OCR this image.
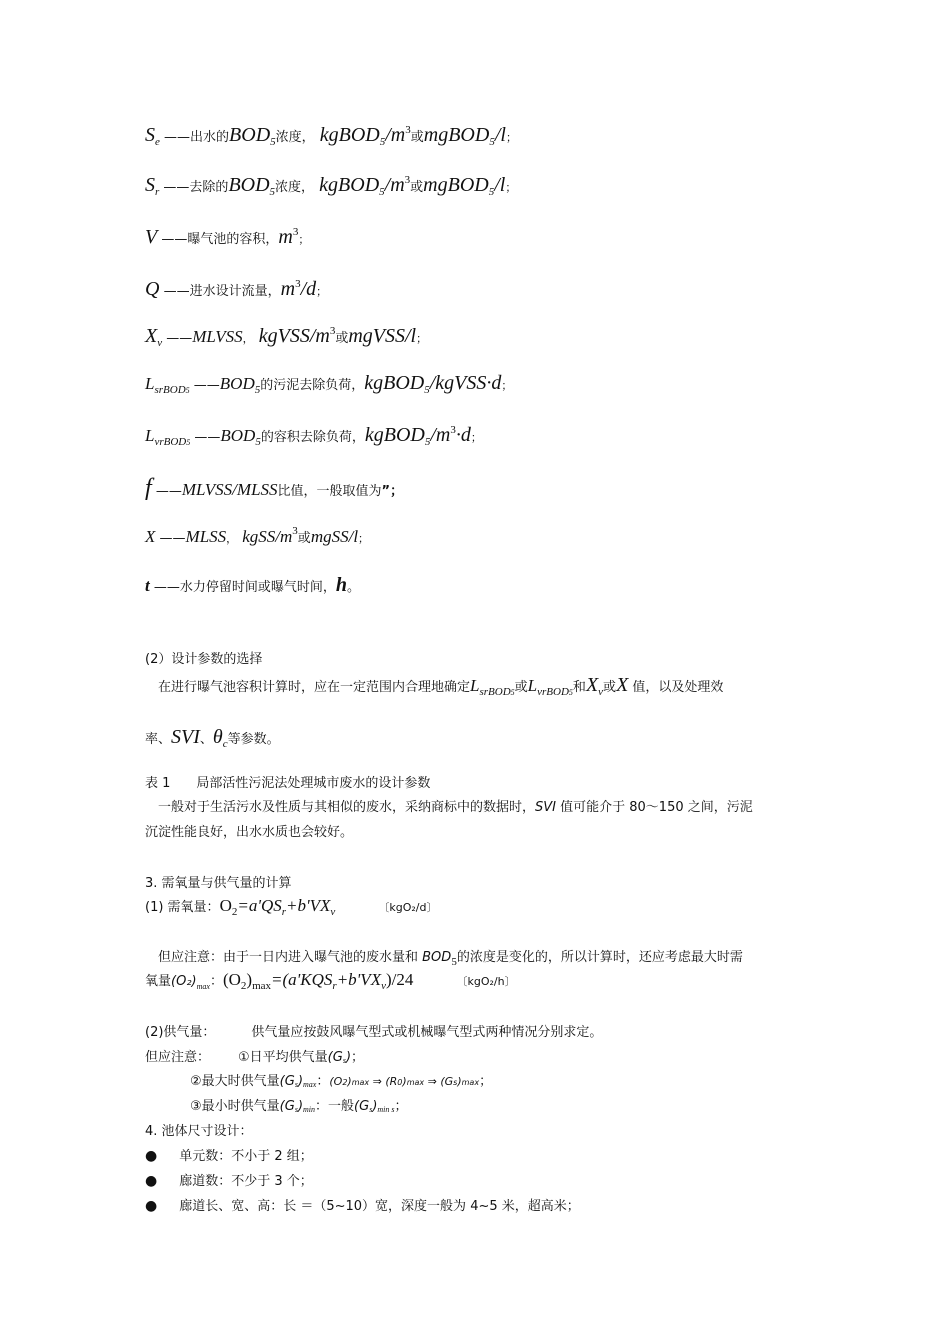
$S_e$ ——出水的$BOD_5$浓度， $kgBOD_5/m^3$或mgBOD$_5$/l；
$S_r$ ——去除的$BOD_5$浓度， $kgBOD_5/m^3$或mgBOD$_5$/l；
V ——曝气池的容积，$m^3$；
Q ——进水设计流量，$m^3/d$；
$X_v$ ——MLVSS， kgVSS/$m^3$或mgVSS/l；
$L_{srBOD5}$ $——BOD_5$的污泥去除负荷，kgBOD$_5$/kgVSS·d；
$L_{vrBOD5}$ $——BOD_5$的容积去除负荷，$kgBOD_5/m^3\cdot d$；
f ——MLVSS/MLSS比值，一般取值为”；
X ——MLSS， kgSS/$m^3$或mgSS/l；
t ——水力停留时间或曝气时间，h。
(2）设计参数的选择
在进行曝气池容积计算时，应在一定范围内合理地确定$L_{srBOD5}$或$L_{vrBOD5}$和$X_v$或X 值，以及处理效
率、SVI、$\theta_c$等参数。
表 1　　局部活性污泥法处理城市废水的设计参数
一般对于生活污水及性质与其相似的废水，采纳商标中的数据时，SVI 值可能介于 80～150 之间，污泥
沉淀性能良好，出水水质也会较好。
3. 需氧量与供气量的计算
(1) 需氧量：$O_2=a'QS_r+b'VX_v$	〔kgO₂/d〕
但应注意：由于一日内进入曝气池的废水量和 $BOD_5$的浓度是变化的，所以计算时，还应考虑最大时需
氧量$(O_2)_{max}$：$(O_2)_{max}=(a'KQS_r+b'VX_v)/24$	〔kgO₂/h〕
(2)供气量：	供气量应按鼓风曝气型式或机械曝气型式两种情况分别求定。
但应注意： ①日平均供气量$(G_s)$；
②最大时供气量$(G_s)_{max}$：(O2)max ⇒ (R0)max ⇒ (Gs)max；
③最小时供气量$(G_s)_{min}$：一般$(G_s)_{min s}$；
4. 池体尺寸设计：
● 单元数：不小于 2 组；
● 廊道数：不少于 3 个；
● 廊道长、宽、高：长 ＝（5~10）宽，深度一般为 4~5 米，超高米；
